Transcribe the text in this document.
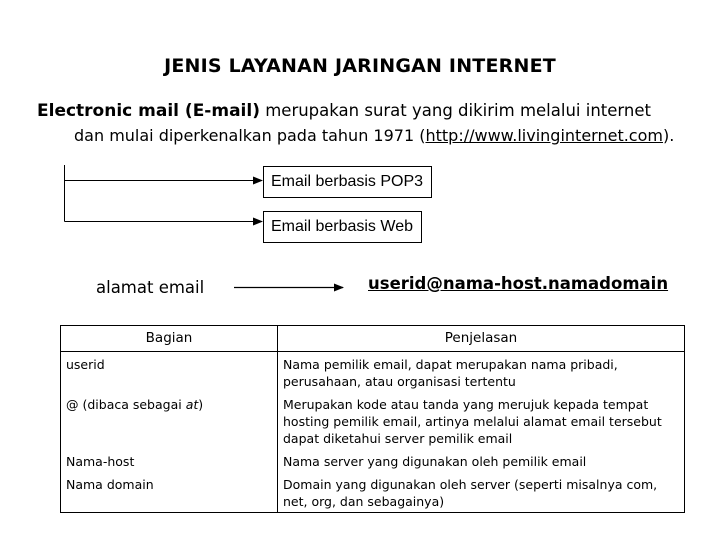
JENIS LAYANAN JARINGAN INTERNET
Electronic mail (E-mail) merupakan surat yang dikirim melalui internet
dan mulai diperkenalkan pada tahun 1971 (http://www.livinginternet.com).
Email berbasis POP3
Email berbasis Web
alamat email	userid@nama-host.namadomain
Bagian	Penjelasan
userid	Nama pemilik email, dapat merupakan nama pribadi, perusahaan, atau organisasi tertentu
@ (dibaca sebagai at)	Merupakan kode atau tanda yang merujuk kepada tempat hosting pemilik email, artinya melalui alamat email tersebut dapat diketahui server pemilik email
Nama-host	Nama server yang digunakan oleh pemilik email
Nama domain	Domain yang digunakan oleh server (seperti misalnya com, net, org, dan sebagainya)
